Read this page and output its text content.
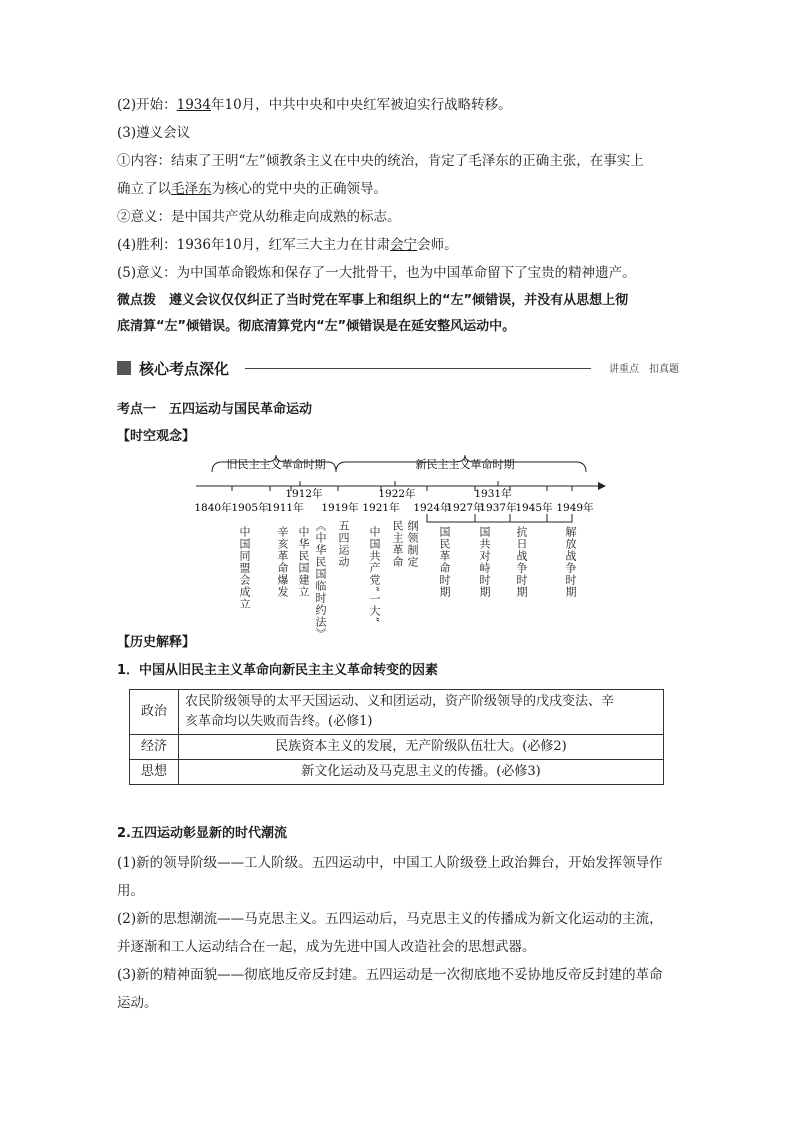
(2)开始：1934年10月，中共中央和中央红军被迫实行战略转移。
(3)遵义会议
①内容：结束了王明“左”倾教条主义在中央的统治，肯定了毛泽东的正确主张，在事实上
确立了以毛泽东为核心的党中央的正确领导。
②意义：是中国共产党从幼稚走向成熟的标志。
(4)胜利：1936年10月，红军三大主力在甘肃会宁会师。
(5)意义：为中国革命锻炼和保存了一大批骨干，也为中国革命留下了宝贵的精神遗产。
微点拨　遵义会议仅仅纠正了当时党在军事上和组织上的“左”倾错误，并没有从思想上彻
底清算“左”倾错误。彻底清算党内“左”倾错误是在延安整风运动中。
核心考点深化	讲重点　扣真题
考点一　五四运动与国民革命运动
【时空观念】
旧民主主义革命时期	新民主主义革命时期
1912年	1922年	1931年
1840年 1905年
1911年 1919年 1921年 1924年
1927年
1937年
1945年 1949年
中国同盟会成立 辛亥革命爆发 中华民国建立 《中华民国临时约法》 五四运动 中国共产党“一大”	国民革命时期 国共对峙时期 抗日战争时期	解放战争时期
民主革命 纲领制定
【历史解释】
1．中国从旧民主主义革命向新民主主义革命转变的因素
政治	农民阶级领导的太平天国运动、义和团运动，资产阶级领导的戊戌变法、辛
亥革命均以失败而告终。(必修1)

经济	民族资本主义的发展，无产阶级队伍壮大。(必修2)
思想	新文化运动及马克思主义的传播。(必修3)
2.五四运动彰显新的时代潮流
(1)新的领导阶级——工人阶级。五四运动中，中国工人阶级登上政治舞台，开始发挥领导作
用。
(2)新的思想潮流——马克思主义。五四运动后，马克思主义的传播成为新文化运动的主流，
并逐渐和工人运动结合在一起，成为先进中国人改造社会的思想武器。
(3)新的精神面貌——彻底地反帝反封建。五四运动是一次彻底地不妥协地反帝反封建的革命
运动。
